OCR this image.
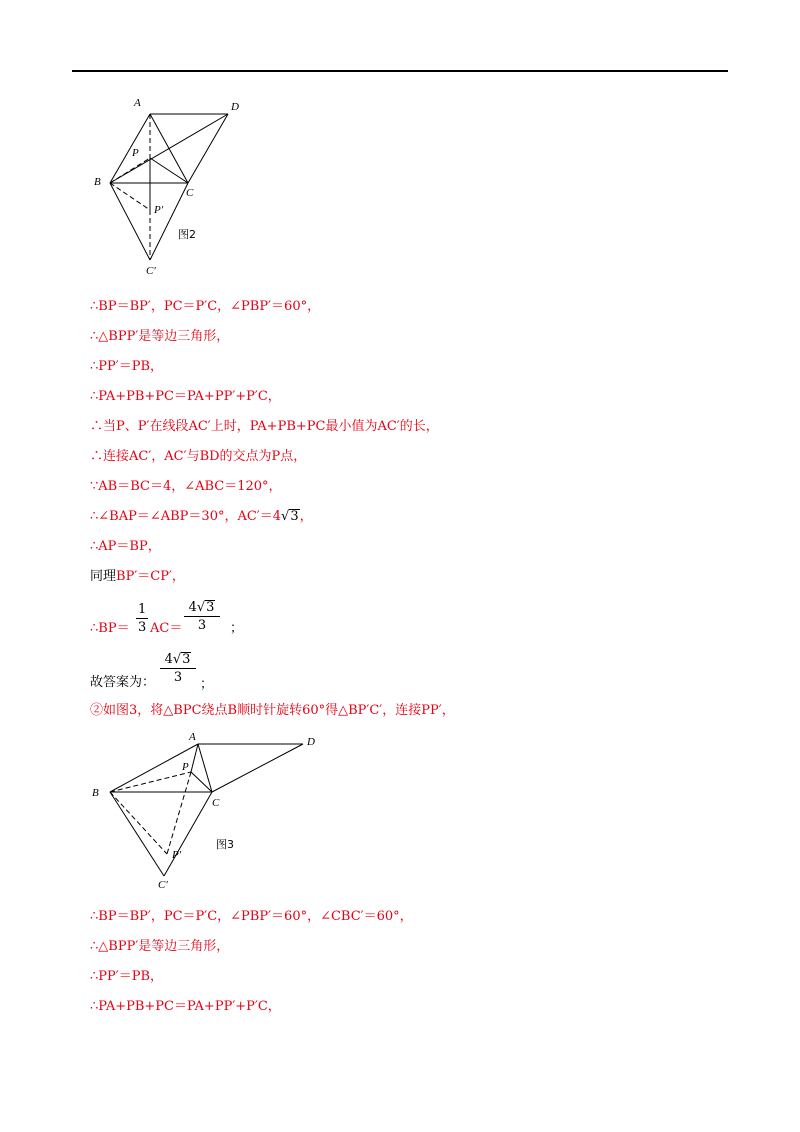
A	D
B
C
P
P′
C′
图2
∴BP＝BP′，PC＝P′C，∠PBP′＝60°，
∴△BPP′是等边三角形，
∴PP′＝PB，
∴PA+PB+PC＝PA+PP′+P′C，
∴当P、P′在线段AC′上时，PA+PB+PC最小值为AC′的长，
∴连接AC′，AC′与BD的交点为P点，
∵AB＝BC＝4，∠ABC＝120°，
∴∠BAP＝∠ABP＝30°，AC′＝4√3，
∴AP＝BP，
同理BP′＝CP′，
∴BP＝ $\frac{1}{3} AC= \frac{4√3}{3}$ ；
故答案为： $\frac{4√3}{3}$ ；
②如图3，将△BPC绕点B顺时针旋转60°得△BP′C′，连接PP′，
A	D
B
C
P
P′
C′
图3
∴BP＝BP′，PC＝P′C，∠PBP′＝60°，∠CBC′＝60°，
∴△BPP′是等边三角形，
∴PP′＝PB，
∴PA+PB+PC＝PA+PP′+P′C，
